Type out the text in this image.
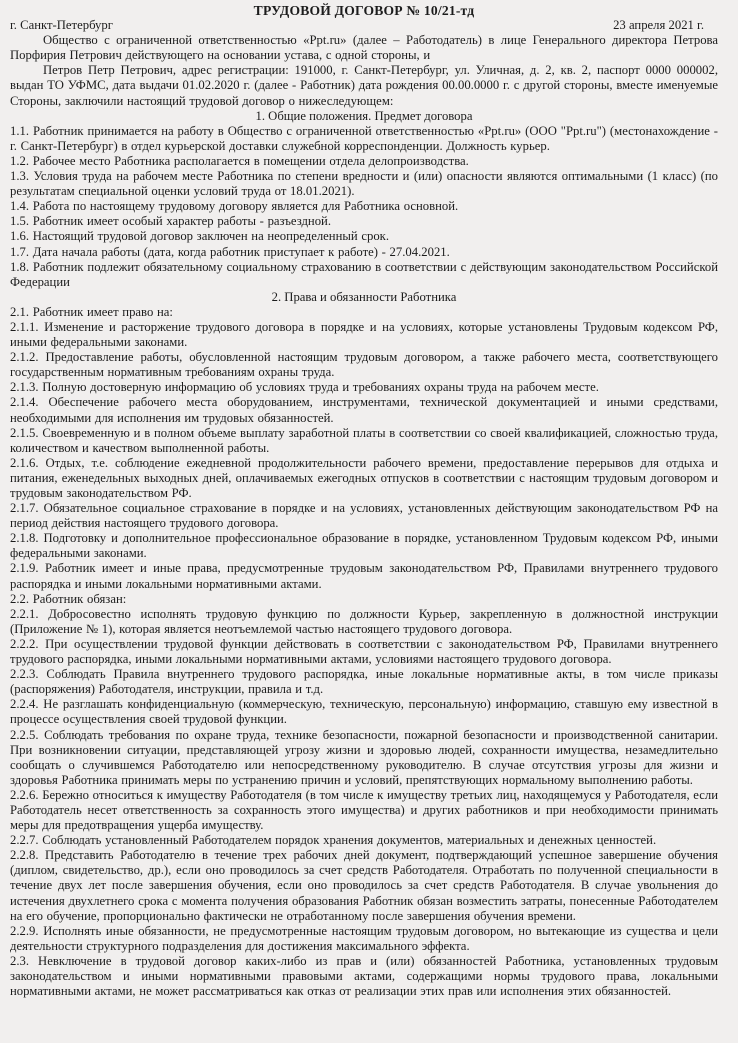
ТРУДОВОЙ ДОГОВОР № 10/21-тд
г. Санкт-Петербург	23 апреля 2021 г.

Общество с ограниченной ответственностью «Ppt.ru» (далее – Работодатель) в лице Генерального директора Петрова Порфирия Петрович действующего на основании устава, с одной стороны, и

Петров Петр Петрович, адрес регистрации: 191000, г. Санкт-Петербург, ул. Уличная, д. 2, кв. 2, паспорт 0000 000002, выдан ТО УФМС, дата выдачи 01.02.2020 г. (далее - Работник) дата рождения 00.00.0000 г. с другой стороны, вместе именуемые Стороны, заключили настоящий трудовой договор о нижеследующем:

1. Общие положения. Предмет договора

1.1. Работник принимается на работу в Общество с ограниченной ответственностью «Ppt.ru» (ООО "Ppt.ru") (местонахождение - г. Санкт-Петербург) в отдел курьерской доставки служебной корреспонденции. Должность курьер.

1.2. Рабочее место Работника располагается в помещении отдела делопроизводства.

1.3. Условия труда на рабочем месте Работника по степени вредности и (или) опасности являются оптимальными (1 класс) (по результатам специальной оценки условий труда от 18.01.2021).

1.4. Работа по настоящему трудовому договору является для Работника основной.

1.5. Работник имеет особый характер работы - разъездной.

1.6. Настоящий трудовой договор заключен на неопределенный срок.

1.7. Дата начала работы (дата, когда работник приступает к работе) - 27.04.2021.

1.8. Работник подлежит обязательному социальному страхованию в соответствии с действующим законодательством Российской Федерации

2. Права и обязанности Работника

2.1. Работник имеет право на:

2.1.1. Изменение и расторжение трудового договора в порядке и на условиях, которые установлены Трудовым кодексом РФ, иными федеральными законами.

2.1.2. Предоставление работы, обусловленной настоящим трудовым договором, а также рабочего места, соответствующего государственным нормативным требованиям охраны труда.

2.1.3. Полную достоверную информацию об условиях труда и требованиях охраны труда на рабочем месте.

2.1.4. Обеспечение рабочего места оборудованием, инструментами, технической документацией и иными средствами, необходимыми для исполнения им трудовых обязанностей.

2.1.5. Своевременную и в полном объеме выплату заработной платы в соответствии со своей квалификацией, сложностью труда, количеством и качеством выполненной работы.

2.1.6. Отдых, т.е. соблюдение ежедневной продолжительности рабочего времени, предоставление перерывов для отдыха и питания, еженедельных выходных дней, оплачиваемых ежегодных отпусков в соответствии с настоящим трудовым договором и трудовым законодательством РФ.

2.1.7. Обязательное социальное страхование в порядке и на условиях, установленных действующим законодательством РФ на период действия настоящего трудового договора.

2.1.8. Подготовку и дополнительное профессиональное образование в порядке, установленном Трудовым кодексом РФ, иными федеральными законами.

2.1.9. Работник имеет и иные права, предусмотренные трудовым законодательством РФ, Правилами внутреннего трудового распорядка и иными локальными нормативными актами.

2.2. Работник обязан:

2.2.1. Добросовестно исполнять трудовую функцию по должности Курьер, закрепленную в должностной инструкции (Приложение № 1), которая является неотъемлемой частью настоящего трудового договора.

2.2.2. При осуществлении трудовой функции действовать в соответствии с законодательством РФ, Правилами внутреннего трудового распорядка, иными локальными нормативными актами, условиями настоящего трудового договора.

2.2.3. Соблюдать Правила внутреннего трудового распорядка, иные локальные нормативные акты, в том числе приказы (распоряжения) Работодателя, инструкции, правила и т.д.

2.2.4. Не разглашать конфиденциальную (коммерческую, техническую, персональную) информацию, ставшую ему известной в процессе осуществления своей трудовой функции.

2.2.5. Соблюдать требования по охране труда, технике безопасности, пожарной безопасности и производственной санитарии. При возникновении ситуации, представляющей угрозу жизни и здоровью людей, сохранности имущества, незамедлительно сообщать о случившемся Работодателю или непосредственному руководителю. В случае отсутствия угрозы для жизни и здоровья Работника принимать меры по устранению причин и условий, препятствующих нормальному выполнению работы.

2.2.6. Бережно относиться к имуществу Работодателя (в том числе к имуществу третьих лиц, находящемуся у Работодателя, если Работодатель несет ответственность за сохранность этого имущества) и других работников и при необходимости принимать меры для предотвращения ущерба имуществу.

2.2.7. Соблюдать установленный Работодателем порядок хранения документов, материальных и денежных ценностей.

2.2.8. Представить Работодателю в течение трех рабочих дней документ, подтверждающий успешное завершение обучения (диплом, свидетельство, др.), если оно проводилось за счет средств Работодателя. Отработать по полученной специальности в течение двух лет после завершения обучения, если оно проводилось за счет средств Работодателя. В случае увольнения до истечения двухлетнего срока с момента получения образования Работник обязан возместить затраты, понесенные Работодателем на его обучение, пропорционально фактически не отработанному после завершения обучения времени.

2.2.9. Исполнять иные обязанности, не предусмотренные настоящим трудовым договором, но вытекающие из существа и цели деятельности структурного подразделения для достижения максимального эффекта.

2.3. Невключение в трудовой договор каких-либо из прав и (или) обязанностей Работника, установленных трудовым законодательством и иными нормативными правовыми актами, содержащими нормы трудового права, локальными нормативными актами, не может рассматриваться как отказ от реализации этих прав или исполнения этих обязанностей.
